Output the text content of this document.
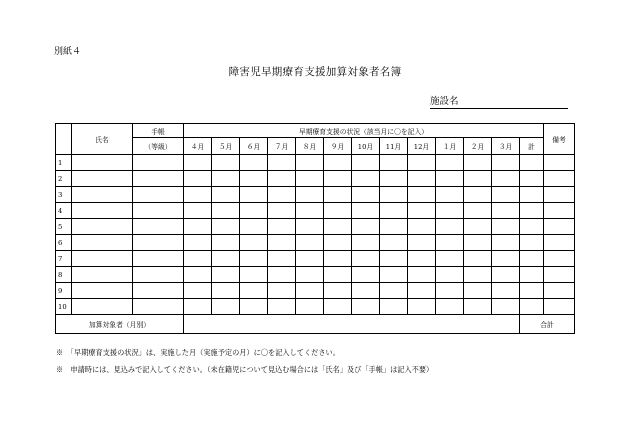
別紙４
障害児早期療育支援加算対象者名簿
施設名
	氏名	手帳	早期療育支援の状況（該当月に〇を記入）													備考
		（等級）	４月	５月	６月	７月	８月	９月	10月	11月	12月	１月	２月	３月	計	
1																
2																
3																
4																
5																
6																
7																
8																
9																
10																
加算対象者（月別）															合計	
※　「早期療育支援の状況」は、実施した月（実施予定の月）に〇を記入してください。
※　申請時には、見込みで記入してください。（未在籍児について見込む場合には「氏名」及び「手帳」は記入不要）
